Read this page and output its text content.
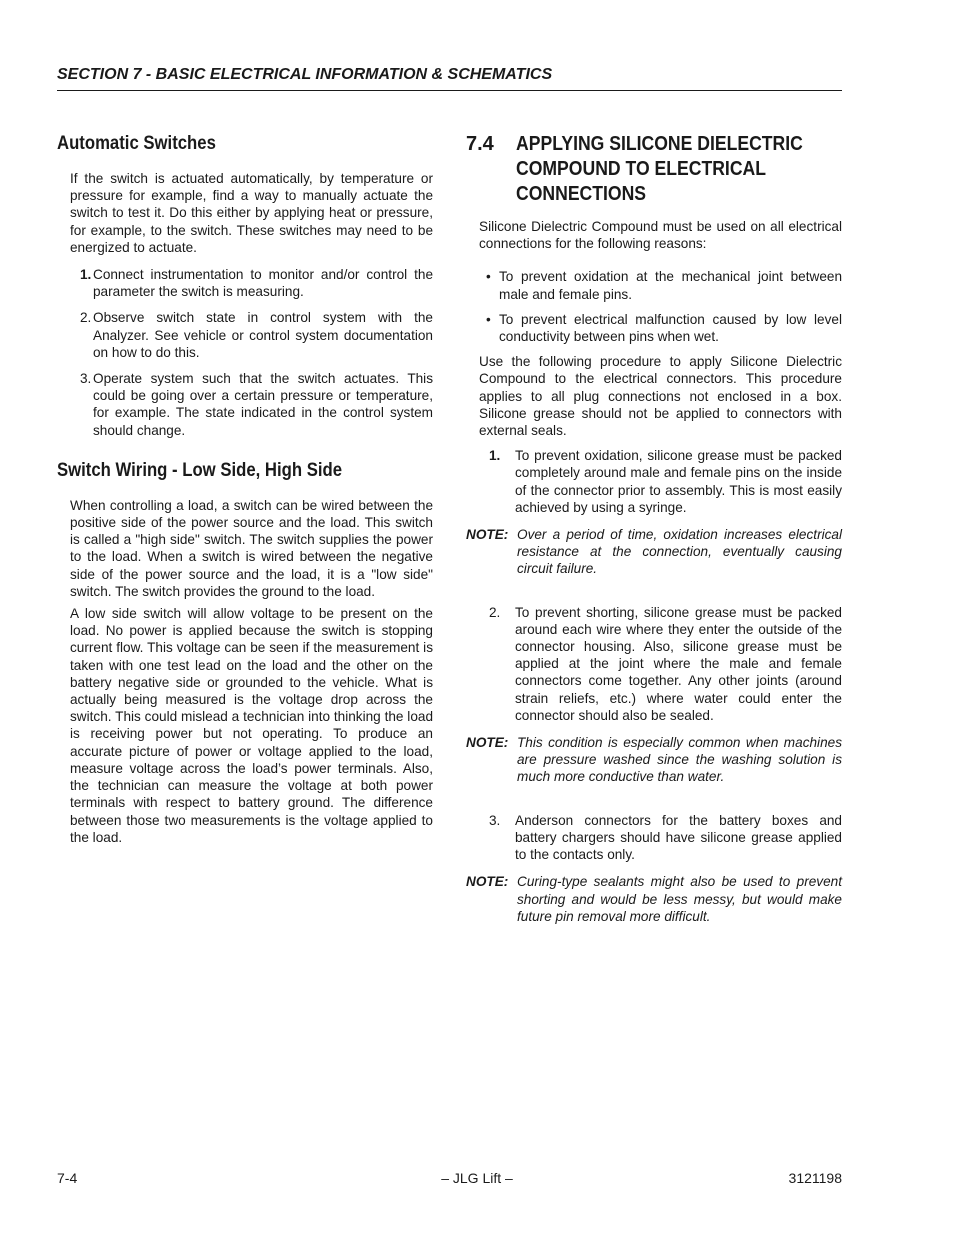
SECTION 7 - BASIC ELECTRICAL INFORMATION & SCHEMATICS
Automatic Switches

If the switch is actuated automatically, by temperature or pressure for example, find a way to manually actuate the switch to test it. Do this either by applying heat or pressure, for example, to the switch. These switches may need to be energized to actuate.

1. Connect instrumentation to monitor and/or control the parameter the switch is measuring.
2. Observe switch state in control system with the Analyzer. See vehicle or control system documentation on how to do this.
3. Operate system such that the switch actuates. This could be going over a certain pressure or temperature, for example. The state indicated in the control system should change.
Switch Wiring - Low Side, High Side

When controlling a load, a switch can be wired between the positive side of the power source and the load. This switch is called a "high side" switch. The switch supplies the power to the load. When a switch is wired between the negative side of the power source and the load, it is a "low side" switch. The switch provides the ground to the load.

A low side switch will allow voltage to be present on the load. No power is applied because the switch is stopping current flow. This voltage can be seen if the measurement is taken with one test lead on the load and the other on the battery negative side or grounded to the vehicle. What is actually being measured is the voltage drop across the switch. This could mislead a technician into thinking the load is receiving power but not operating. To produce an accurate picture of power or voltage applied to the load, measure voltage across the load’s power terminals. Also, the technician can measure the voltage at both power terminals with respect to battery ground. The difference between those two measurements is the voltage applied to the load.

7.4	APPLYING SILICONE DIELECTRIC
COMPOUND TO ELECTRICAL
CONNECTIONS

Silicone Dielectric Compound must be used on all electrical connections for the following reasons:

• To prevent oxidation at the mechanical joint between male and female pins.
• To prevent electrical malfunction caused by low level conductivity between pins when wet.

Use the following procedure to apply Silicone Dielectric Compound to the electrical connectors. This procedure applies to all plug connections not enclosed in a box. Silicone grease should not be applied to connectors with external seals.

1.	To prevent oxidation, silicone grease must be packed completely around male and female pins on the inside of the connector prior to assembly. This is most easily achieved by using a syringe.
NOTE: Over a period of time, oxidation increases electrical resistance at the connection, eventually causing circuit failure.
2.	To prevent shorting, silicone grease must be packed around each wire where they enter the outside of the connector housing. Also, silicone grease must be applied at the joint where the male and female connectors come together. Any other joints (around strain reliefs, etc.) where water could enter the connector should also be sealed.
NOTE: This condition is especially common when machines are pressure washed since the washing solution is much more conductive than water.
3.	Anderson connectors for the battery boxes and battery chargers should have silicone grease applied to the contacts only.
NOTE: Curing-type sealants might also be used to prevent shorting and would be less messy, but would make future pin removal more difficult.
7-4	– JLG Lift –	3121198
